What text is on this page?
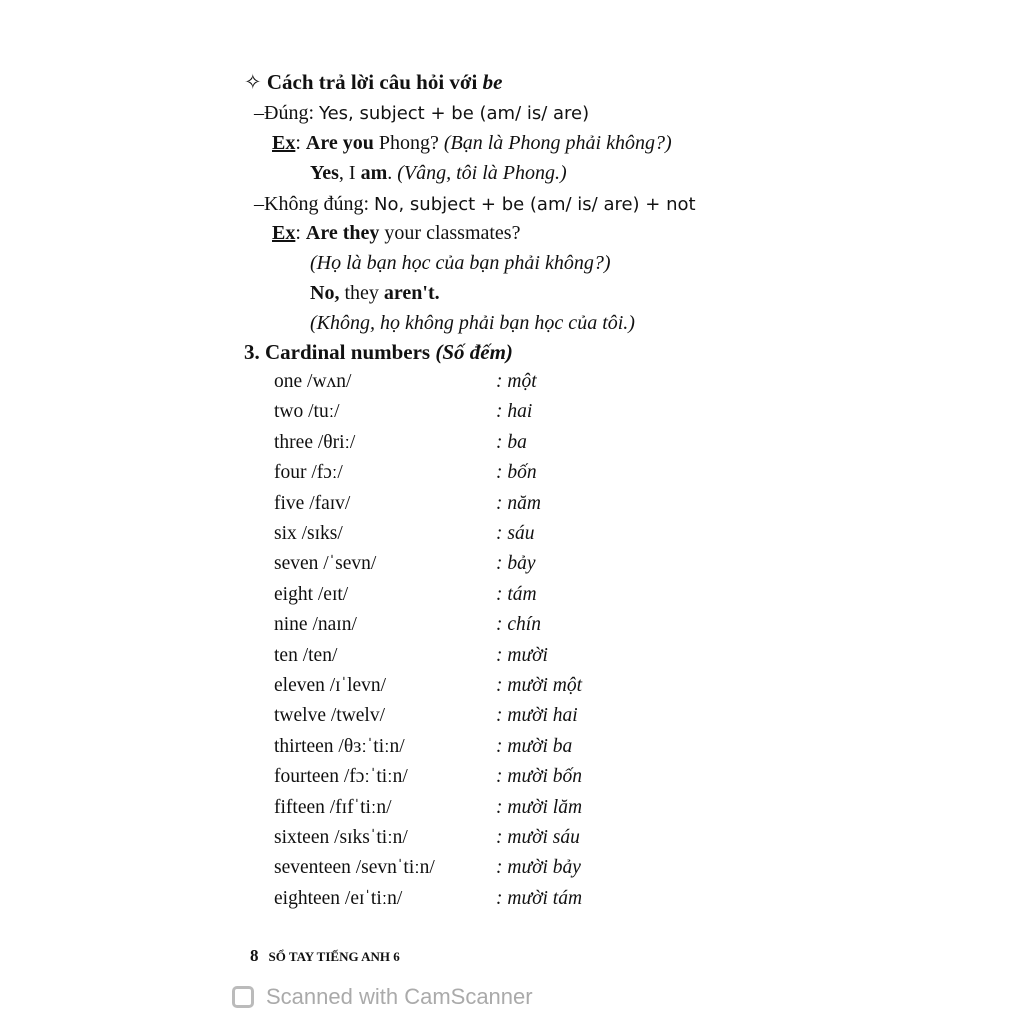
✧ Cách trả lời câu hỏi với be
–Đúng: Yes, subject + be (am/ is/ are)
Ex: Are you Phong? (Bạn là Phong phải không?)
Yes, I am. (Vâng, tôi là Phong.)
–Không đúng: No, subject + be (am/ is/ are) + not
Ex: Are they your classmates?
(Họ là bạn học của bạn phải không?)
No, they aren't.
(Không, họ không phải bạn học của tôi.)
3. Cardinal numbers (Số đếm)
one /wʌn/	: một
two /tuː/	: hai
three /θriː/	: ba
four /fɔː/	: bốn
five /faɪv/	: năm
six /sɪks/	: sáu
seven /ˈsevn/	: bảy
eight /eɪt/	: tám
nine /naɪn/	: chín
ten /ten/	: mười
eleven /ɪˈlevn/	: mười một
twelve /twelv/	: mười hai
thirteen /θɜːˈtiːn/	: mười ba
fourteen /fɔːˈtiːn/	: mười bốn
fifteen /fɪfˈtiːn/	: mười lăm
sixteen /sɪksˈtiːn/	: mười sáu
seventeen /sevnˈtiːn/	: mười bảy
eighteen /eɪˈtiːn/	: mười tám
8 SỔ TAY TIẾNG ANH 6
Scanned with CamScanner
